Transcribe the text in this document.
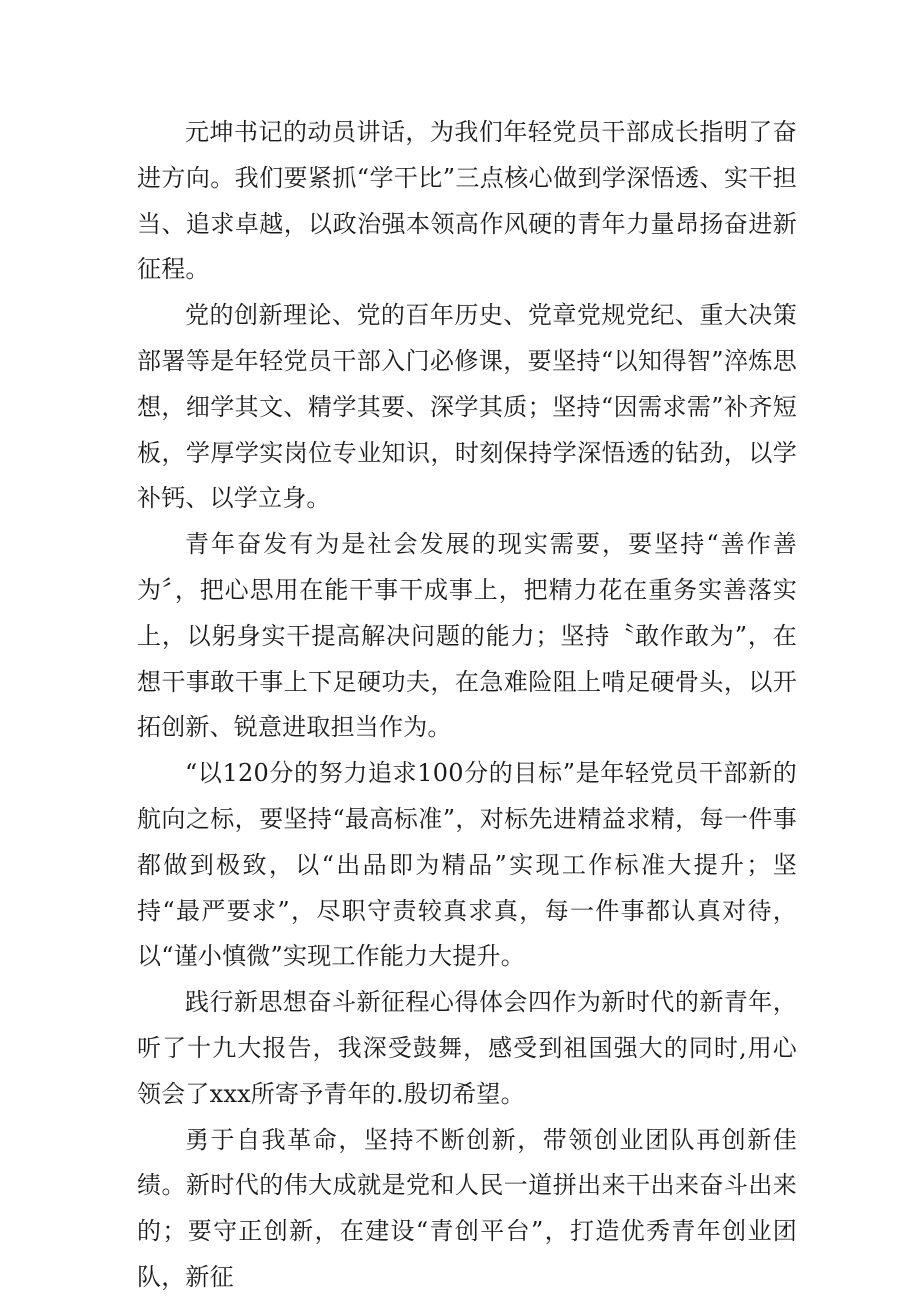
元坤书记的动员讲话，为我们年轻党员干部成长指明了奋进方向。我们要紧抓“学干比”三点核心做到学深悟透、实干担当、追求卓越，以政治强本领高作风硬的青年力量昂扬奋进新征程。

党的创新理论、党的百年历史、党章党规党纪、重大决策部署等是年轻党员干部入门必修课，要坚持“以知得智”淬炼思想，细学其文、精学其要、深学其质；坚持“因需求需”补齐短板，学厚学实岗位专业知识，时刻保持学深悟透的钻劲，以学补钙、以学立身。

青年奋发有为是社会发展的现实需要，要坚持“善作善为〞，把心思用在能干事干成事上，把精力花在重务实善落实上，以躬身实干提高解决问题的能力；坚持〝敢作敢为”，在想干事敢干事上下足硬功夫，在急难险阻上啃足硬骨头，以开拓创新、锐意进取担当作为。

“以120分的努力追求100分的目标”是年轻党员干部新的航向之标，要坚持“最高标准”，对标先进精益求精，每一件事都做到极致，以“出品即为精品”实现工作标准大提升；坚持“最严要求”，尽职守责较真求真，每一件事都认真对待，以“谨小慎微”实现工作能力大提升。

践行新思想奋斗新征程心得体会四作为新时代的新青年，听了十九大报告，我深受鼓舞，感受到祖国强大的同时,用心领会了xxx所寄予青年的.殷切希望。

勇于自我革命，坚持不断创新，带领创业团队再创新佳绩。新时代的伟大成就是党和人民一道拼出来干出来奋斗出来的；要守正创新，在建设“青创平台”，打造优秀青年创业团队，新征
